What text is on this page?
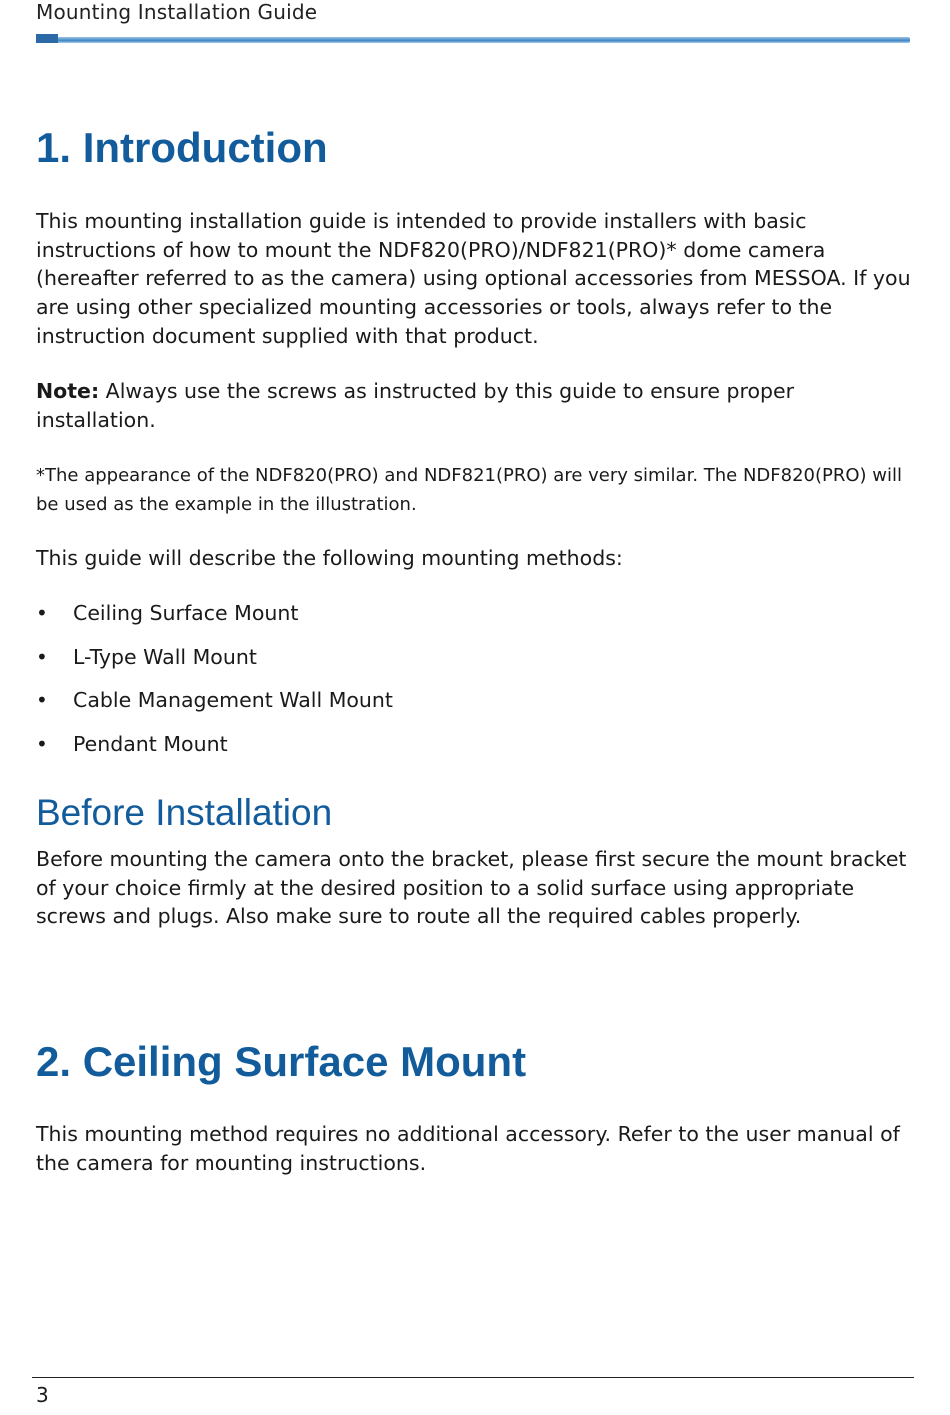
Mounting Installation Guide
1. Introduction

This mounting installation guide is intended to provide installers with basic instructions of how to mount the NDF820(PRO)/NDF821(PRO)* dome camera (hereafter referred to as the camera) using optional accessories from MESSOA. If you are using other specialized mounting accessories or tools, always refer to the instruction document supplied with that product.

Note: Always use the screws as instructed by this guide to ensure proper installation.

*The appearance of the NDF820(PRO) and NDF821(PRO) are very similar. The NDF820(PRO) will be used as the example in the illustration.

This guide will describe the following mounting methods:

• Ceiling Surface Mount
• L-Type Wall Mount
• Cable Management Wall Mount
• Pendant Mount
Before Installation

Before mounting the camera onto the bracket, please first secure the mount bracket of your choice firmly at the desired position to a solid surface using appropriate screws and plugs. Also make sure to route all the required cables properly.

2. Ceiling Surface Mount

This mounting method requires no additional accessory. Refer to the user manual of the camera for mounting instructions.

3
